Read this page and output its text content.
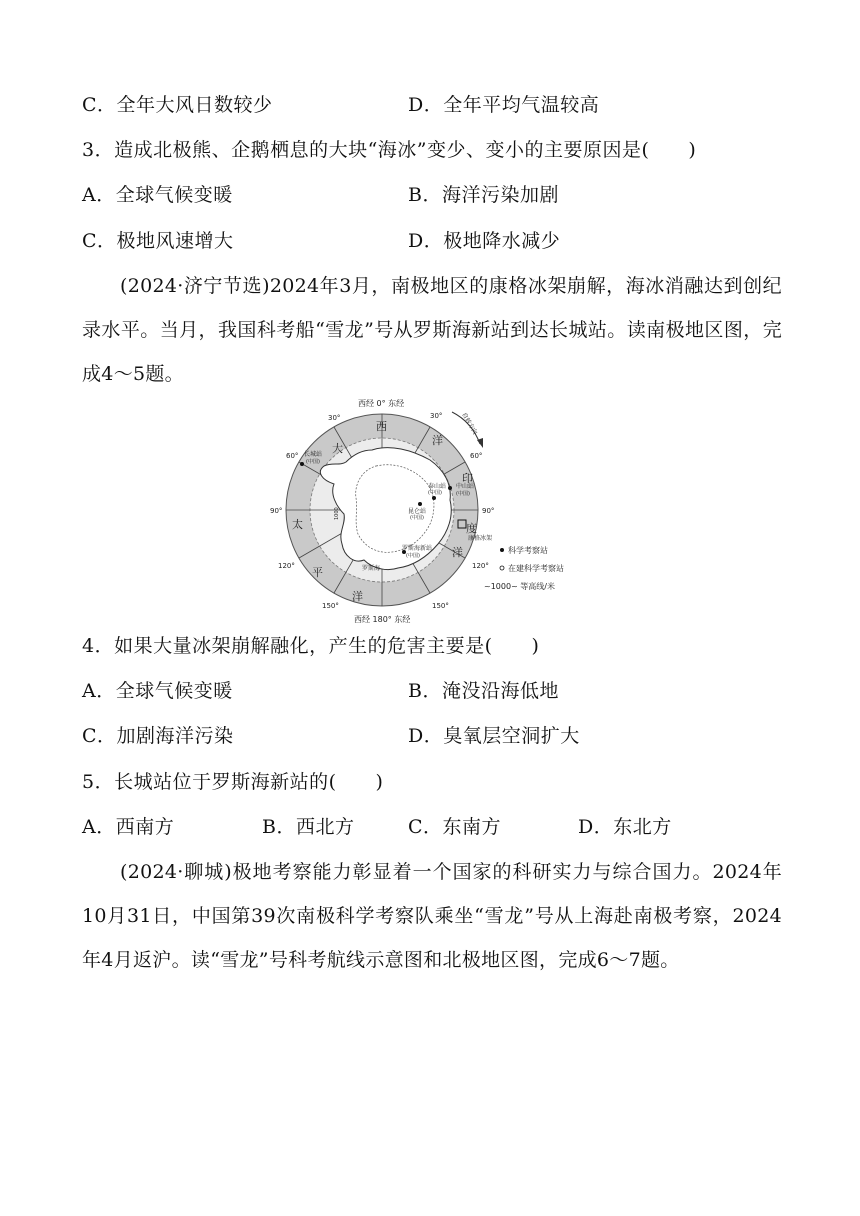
C．全年大风日数较少	D．全年平均气温较高
3．造成北极熊、企鹅栖息的大块“海冰”变少、变小的主要原因是(　　)
A．全球气候变暖	B．海洋污染加剧
C．极地风速增大	D．极地降水减少

(2024·济宁节选)2024年3月，南极地区的康格冰架崩解，海冰消融达到创纪录水平。当月，我国科考船“雪龙”号从罗斯海新站到达长城站。读南极地区图，完成4～5题。

西
大
洋
印
度
洋
太
平
洋
西经 0° 东经
西经 180° 东经
30°	30°
60°	60°
90°	90°
120°	120°
150°	150°
自转方向
长城站
(中国)
中山站
(中国)
泰山站
(中国)
昆仑站
(中国)
罗斯海新站
(中国)
罗斯海
1000
康格冰架
科学考察站
在建科学考察站
~1000~ 等高线/米
4．如果大量冰架崩解融化，产生的危害主要是(　　)
A．全球气候变暖	B．淹没沿海低地
C．加剧海洋污染	D．臭氧层空洞扩大
5．长城站位于罗斯海新站的(　　)
A．西南方	B．西北方	C．东南方	D．东北方

(2024·聊城)极地考察能力彰显着一个国家的科研实力与综合国力。2024年10月31日，中国第39次南极科学考察队乘坐“雪龙”号从上海赴南极考察，2024年4月返沪。读“雪龙”号科考航线示意图和北极地区图，完成6～7题。
